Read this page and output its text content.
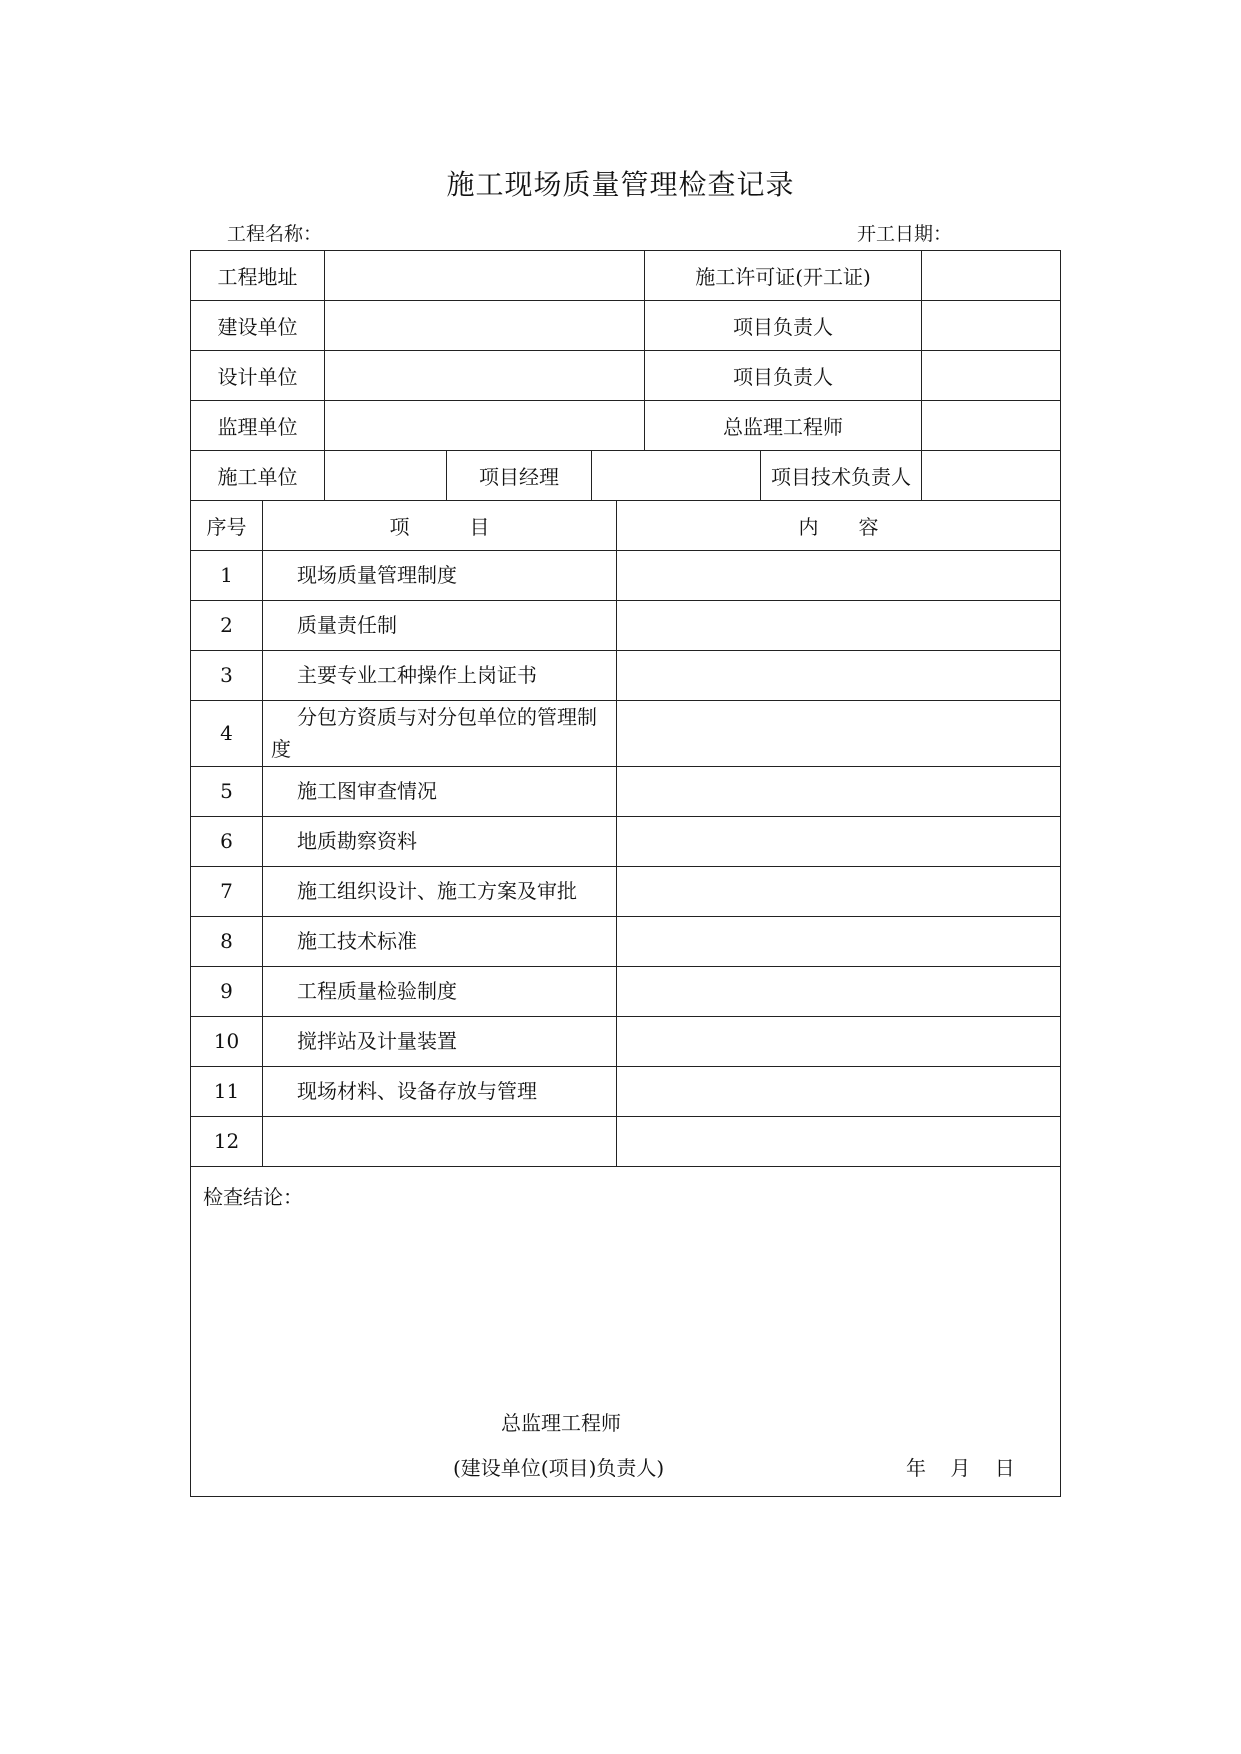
施工现场质量管理检查记录
工程名称：	开工日期：
工程地址				施工许可证(开工证)		
建设单位				项目负责人		
设计单位				项目负责人		
监理单位				总监理工程师		
施工单位		项目经理			项目技术负责人	
序号	项　　　目	内　　容
1	现场质量管理制度	
2	质量责任制	
3	主要专业工种操作上岗证书	
4	分包方资质与对分包单位的管理制度	
5	施工图审查情况	
6	地质勘察资料	
7	施工组织设计、施工方案及审批	
8	施工技术标准	
9	工程质量检验制度	
10	搅拌站及计量装置	
11	现场材料、设备存放与管理	
12		

检查结论：
总监理工程师
(建设单位(项目)负责人) 年 月 日		
